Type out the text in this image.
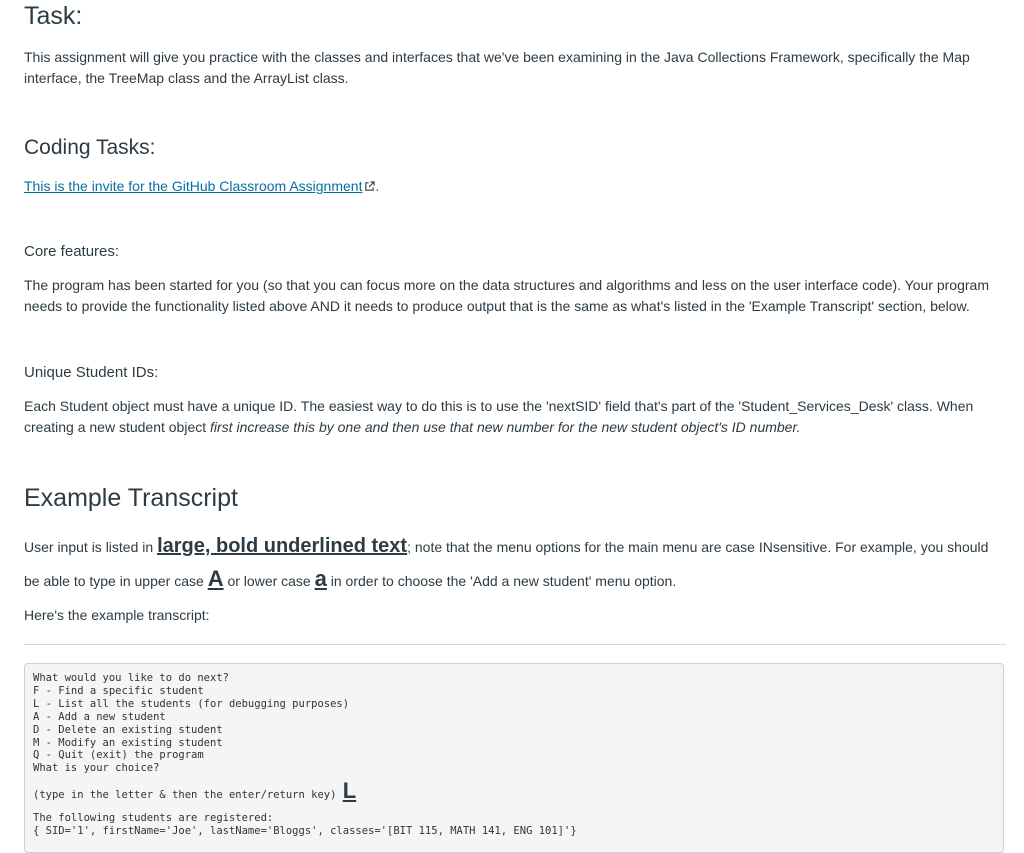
Task:

This assignment will give you practice with the classes and interfaces that we've been examining in the Java Collections Framework, specifically the Map interface, the TreeMap class and the ArrayList class.

Coding Tasks:

This is the invite for the GitHub Classroom Assignment .

Core features:

The program has been started for you (so that you can focus more on the data structures and algorithms and less on the user interface code). Your program needs to provide the functionality listed above AND it needs to produce output that is the same as what's listed in the 'Example Transcript' section, below.

Unique Student IDs:

Each Student object must have a unique ID. The easiest way to do this is to use the 'nextSID' field that's part of the 'Student_Services_Desk' class. When creating a new student object first increase this by one and then use that new number for the new student object's ID number.

Example Transcript

User input is listed in large, bold underlined text; note that the menu options for the main menu are case INsensitive. For example, you should

be able to type in upper case A or lower case a in order to choose the 'Add a new student' menu option.

Here's the example transcript:

What would you like to do next?
F - Find a specific student
L - List all the students (for debugging purposes)
A - Add a new student
D - Delete an existing student
M - Modify an existing student
Q - Quit (exit) the program
What is your choice?
(type in the letter & then the enter/return key) L
The following students are registered:
{ SID='1', firstName='Joe', lastName='Bloggs', classes='[BIT 115, MATH 141, ENG 101]'}
